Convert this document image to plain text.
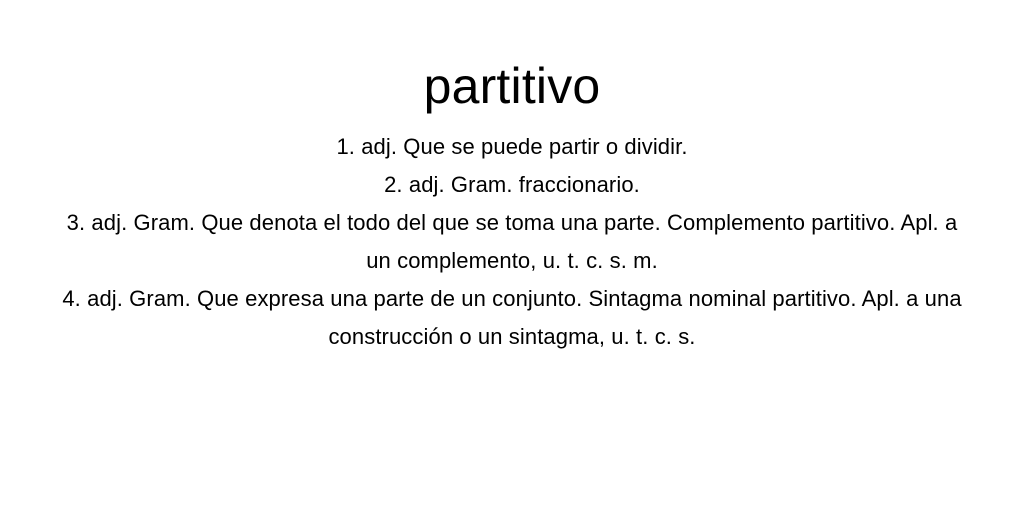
partitivo

1. adj. Que se puede partir o dividir.

2. adj. Gram. fraccionario.

3. adj. Gram. Que denota el todo del que se toma una parte. Complemento partitivo. Apl. a un complemento, u. t. c. s. m.

4. adj. Gram. Que expresa una parte de un conjunto. Sintagma nominal partitivo. Apl. a una construcción o un sintagma, u. t. c. s.
